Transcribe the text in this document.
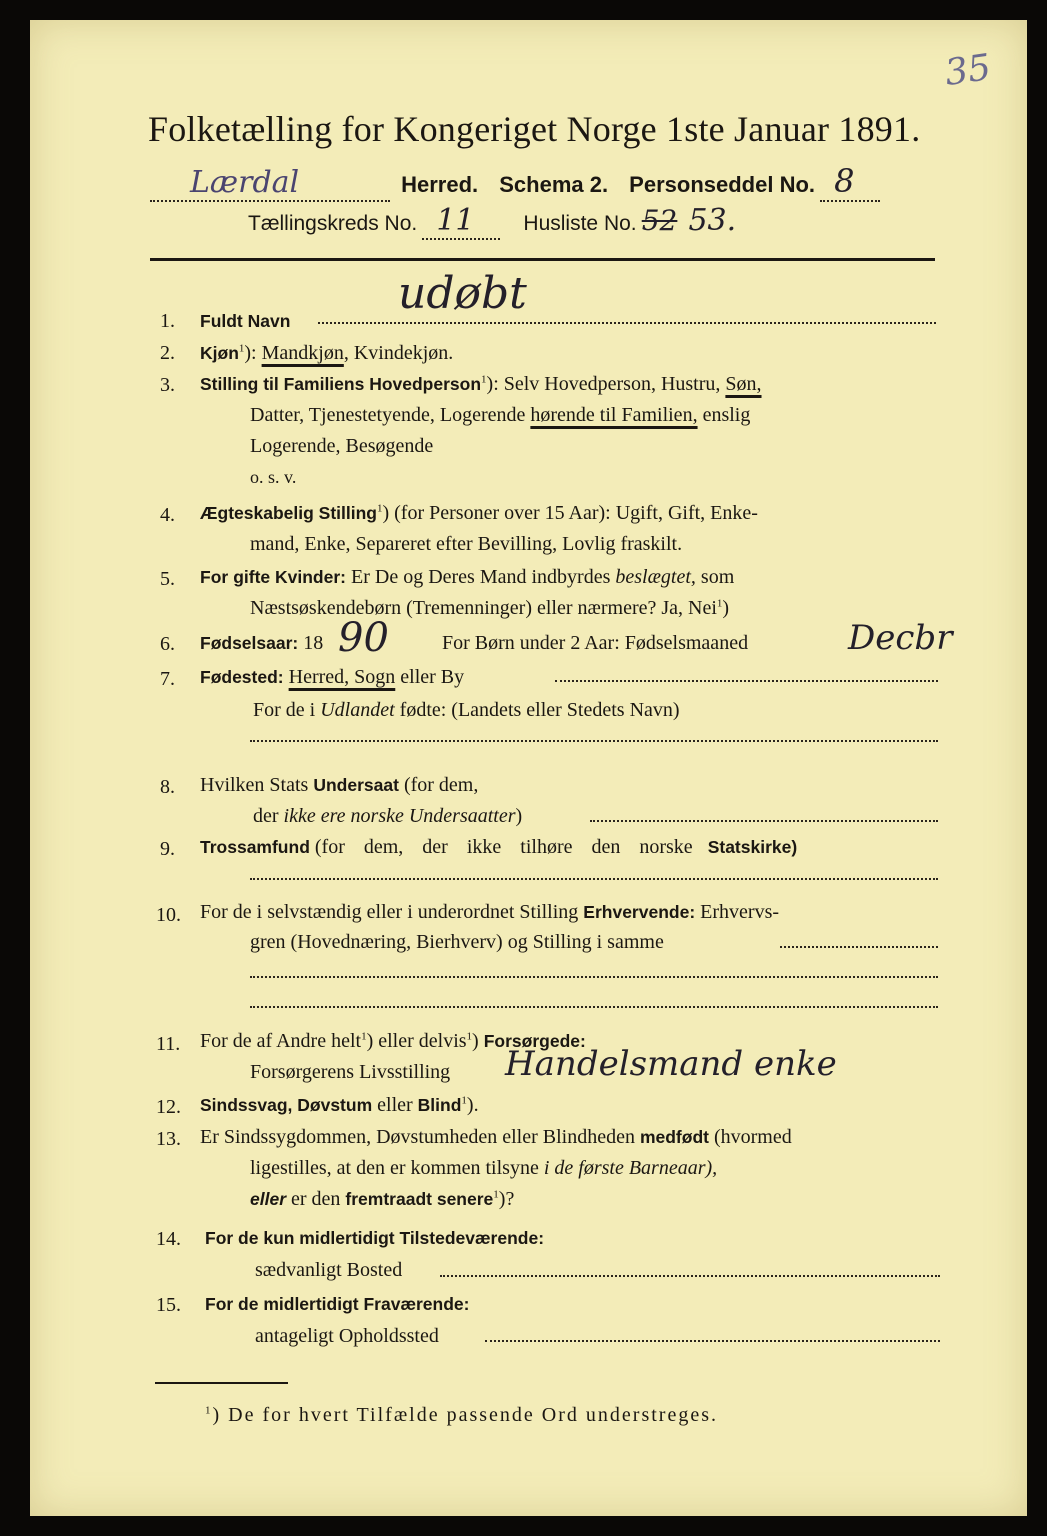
35
Folketælling for Kongeriget Norge 1ste Januar 1891.
Lærdal	Herred. Schema 2. Personseddel No. 8
Tællingskreds No. 11 Husliste No. 52 53.
1. Fuldt Navn
udøbt
2. Kjøn$^1$): Mandkjøn, Kvindekjøn.
3. Stilling til Familiens Hovedperson$^1$): Selv Hovedperson, Hustru, Søn,
Datter, Tjenestetyende, Logerende hørende til Familien, enslig
Logerende, Besøgende
o. s. v.
4. Ægteskabelig Stilling$^1$) (for Personer over 15 Aar): Ugift, Gift, Enke-
mand, Enke, Separeret efter Bevilling, Lovlig fraskilt.
5. For gifte Kvinder: Er De og Deres Mand indbyrdes beslægtet, som
Næstsøskendebørn (Tremenninger) eller nærmere? Ja, Nei$^1$)
6. Fødselsaar: 18 90	For Børn under 2 Aar: Fødselsmaaned	Decbr
7. Fødested: Herred, Sogn eller By
For de i Udlandet fødte: (Landets eller Stedets Navn)
8. Hvilken Stats Undersaat (for dem,
der ikke ere norske Undersaatter)
9. Trossamfund (for dem, der ikke tilhøre den norske Statskirke)
10. For de i selvstændig eller i underordnet Stilling Erhvervende: Erhvervs-
gren (Hovednæring, Bierhverv) og Stilling i samme
11. For de af Andre helt$^1$) eller delvis$^1$) Forsørgede:
Forsørgerens Livsstilling Handelsmand enke
12. Sindssvag, Døvstum eller Blind$^1$).
13. Er Sindssygdommen, Døvstumheden eller Blindheden medfødt (hvormed
ligestilles, at den er kommen tilsyne i de første Barneaar),
eller er den fremtraadt senere$^1$)?
14. For de kun midlertidigt Tilstedeværende:
sædvanligt Bosted
15. For de midlertidigt Fraværende:
antageligt Opholdssted
$^1$) De for hvert Tilfælde passende Ord understreges.
